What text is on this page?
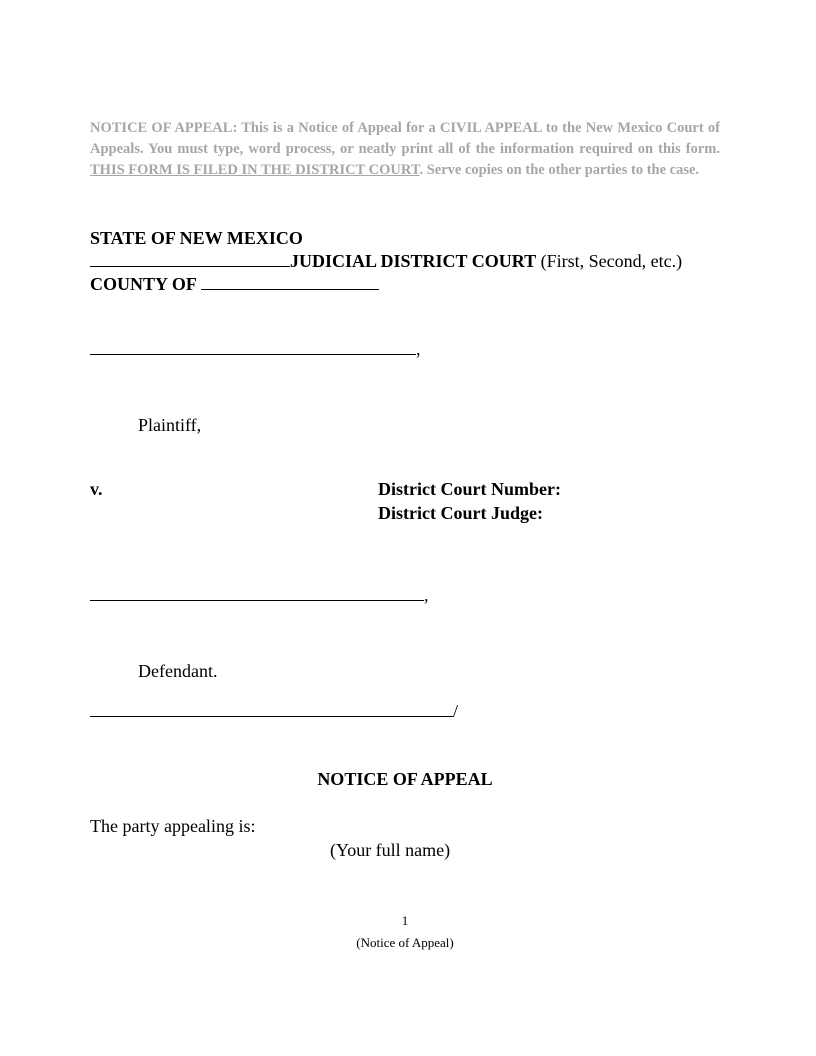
NOTICE OF APPEAL: This is a Notice of Appeal for a CIVIL APPEAL to the New Mexico Court of Appeals. You must type, word process, or neatly print all of the information required on this form. THIS FORM IS FILED IN THE DISTRICT COURT. Serve copies on the other parties to the case.
STATE OF NEW MEXICO
JUDICIAL DISTRICT COURT (First, Second, etc.)
COUNTY OF
,
Plaintiff,
v.	District Court Number:
District Court Judge:
,
Defendant.
/
NOTICE OF APPEAL
The party appealing is:
(Your full name)
1
(Notice of Appeal)
